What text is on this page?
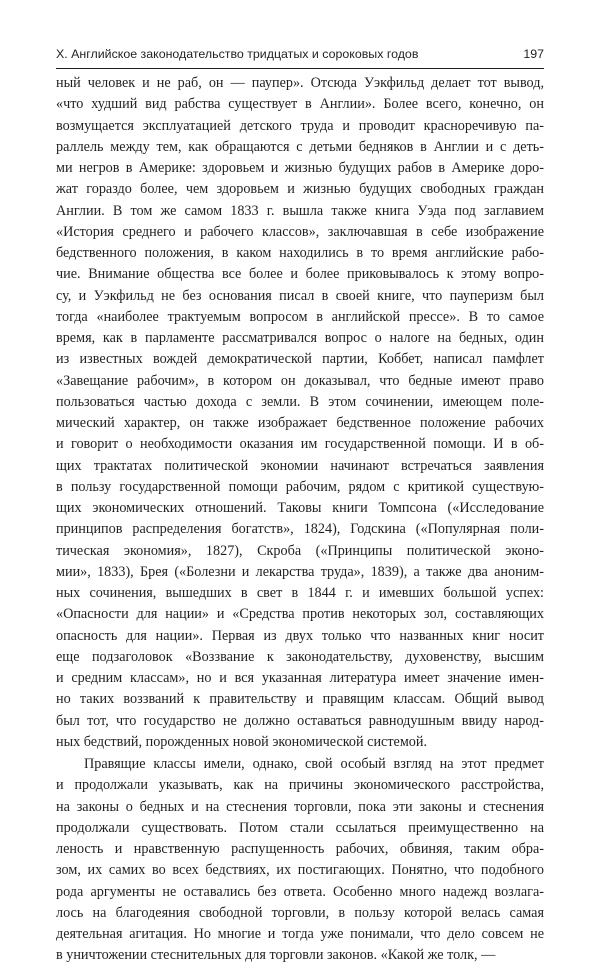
X. Английское законодательство тридцатых и сороковых годов	197
ный человек и не раб, он — паупер». Отсюда Уэкфильд делает тот вывод,
«что худший вид рабства существует в Англии». Более всего, конечно, он
возмущается эксплуатацией детского труда и проводит красноречивую па-
раллель между тем, как обращаются с детьми бедняков в Англии и с деть-
ми негров в Америке: здоровьем и жизнью будущих рабов в Америке доро-
жат гораздо более, чем здоровьем и жизнью будущих свободных граждан
Англии. В том же самом 1833 г. вышла также книга Уэда под заглавием
«История среднего и рабочего классов», заключавшая в себе изображение
бедственного положения, в каком находились в то время английские рабо-
чие. Внимание общества все более и более приковывалось к этому вопро-
су, и Уэкфильд не без основания писал в своей книге, что пауперизм был
тогда «наиболее трактуемым вопросом в английской прессе». В то самое
время, как в парламенте рассматривался вопрос о налоге на бедных, один
из известных вождей демократической партии, Коббет, написал памфлет
«Завещание рабочим», в котором он доказывал, что бедные имеют право
пользоваться частью дохода с земли. В этом сочинении, имеющем поле-
мический характер, он также изображает бедственное положение рабочих
и говорит о необходимости оказания им государственной помощи. И в об-
щих трактатах политической экономии начинают встречаться заявления
в пользу государственной помощи рабочим, рядом с критикой существую-
щих экономических отношений. Таковы книги Томпсона («Исследование
принципов распределения богатств», 1824), Годскина («Популярная поли-
тическая экономия», 1827), Скроба («Принципы политической эконо-
мии», 1833), Брея («Болезни и лекарства труда», 1839), а также два аноним-
ных сочинения, вышедших в свет в 1844 г. и имевших большой успех:
«Опасности для нации» и «Средства против некоторых зол, составляющих
опасность для нации». Первая из двух только что названных книг носит
еще подзаголовок «Воззвание к законодательству, духовенству, высшим
и средним классам», но и вся указанная литература имеет значение имен-
но таких воззваний к правительству и правящим классам. Общий вывод
был тот, что государство не должно оставаться равнодушным ввиду народ-
ных бедствий, порожденных новой экономической системой.
Правящие классы имели, однако, свой особый взгляд на этот предмет
и продолжали указывать, как на причины экономического расстройства,
на законы о бедных и на стеснения торговли, пока эти законы и стеснения
продолжали существовать. Потом стали ссылаться преимущественно на
леность и нравственную распущенность рабочих, обвиняя, таким обра-
зом, их самих во всех бедствиях, их постигающих. Понятно, что подобного
рода аргументы не оставались без ответа. Особенно много надежд возлага-
лось на благодеяния свободной торговли, в пользу которой велась самая
деятельная агитация. Но многие и тогда уже понимали, что дело совсем не
в уничтожении стеснительных для торговли законов. «Какой же толк, —
